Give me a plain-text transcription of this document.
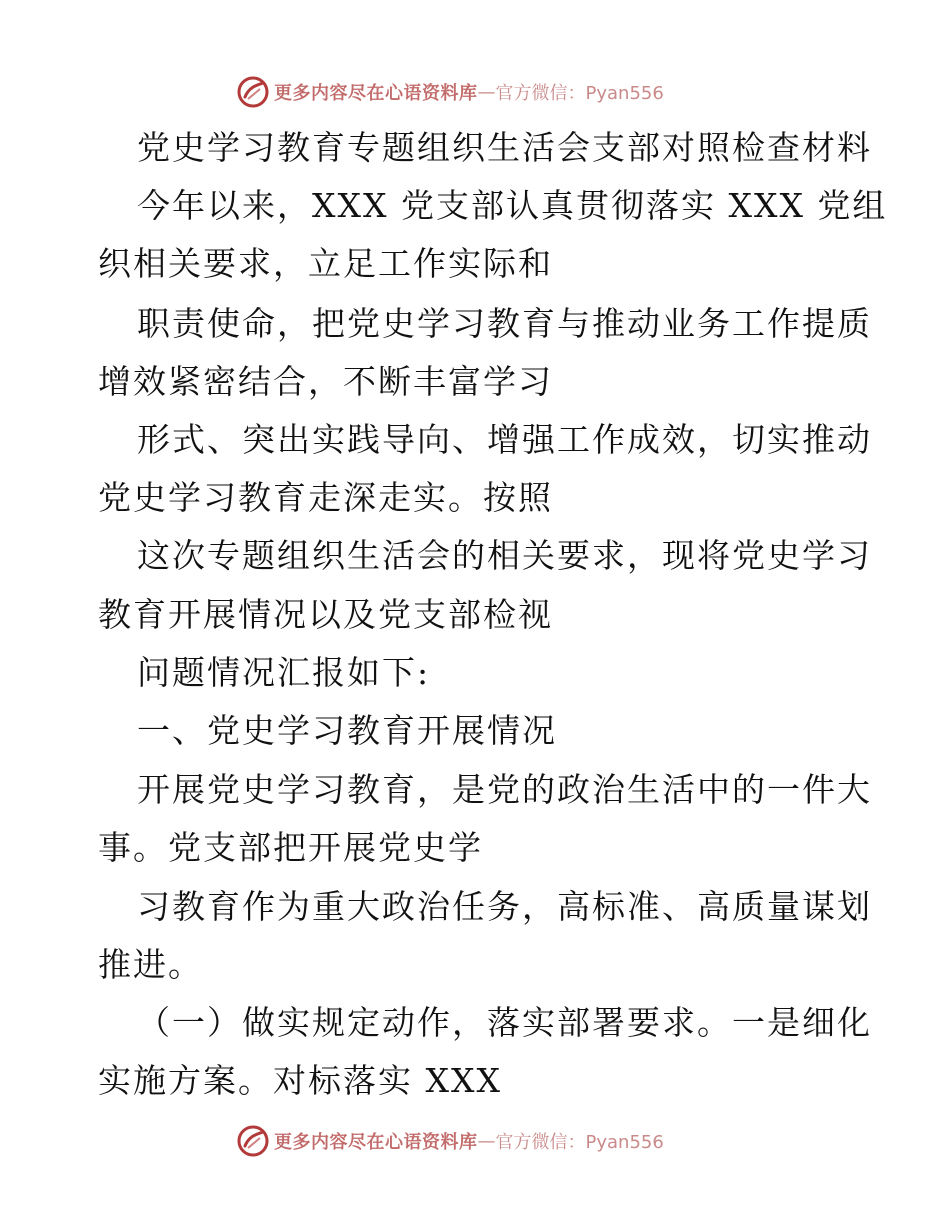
更多内容尽在心语资料库 — 官方微信：Pyan556
党史学习教育专题组织生活会支部对照检查材料
今年以来，XXX 党支部认真贯彻落实 XXX 党组
织相关要求，立足工作实际和
职责使命，把党史学习教育与推动业务工作提质
增效紧密结合，不断丰富学习
形式、突出实践导向、增强工作成效，切实推动
党史学习教育走深走实。按照
这次专题组织生活会的相关要求，现将党史学习
教育开展情况以及党支部检视
问题情况汇报如下:
一、党史学习教育开展情况
开展党史学习教育，是党的政治生活中的一件大
事。党支部把开展党史学
习教育作为重大政治任务，高标准、高质量谋划
推进。
（一）做实规定动作，落实部署要求。一是细化
实施方案。对标落实 XXX
更多内容尽在心语资料库 — 官方微信：Pyan556
